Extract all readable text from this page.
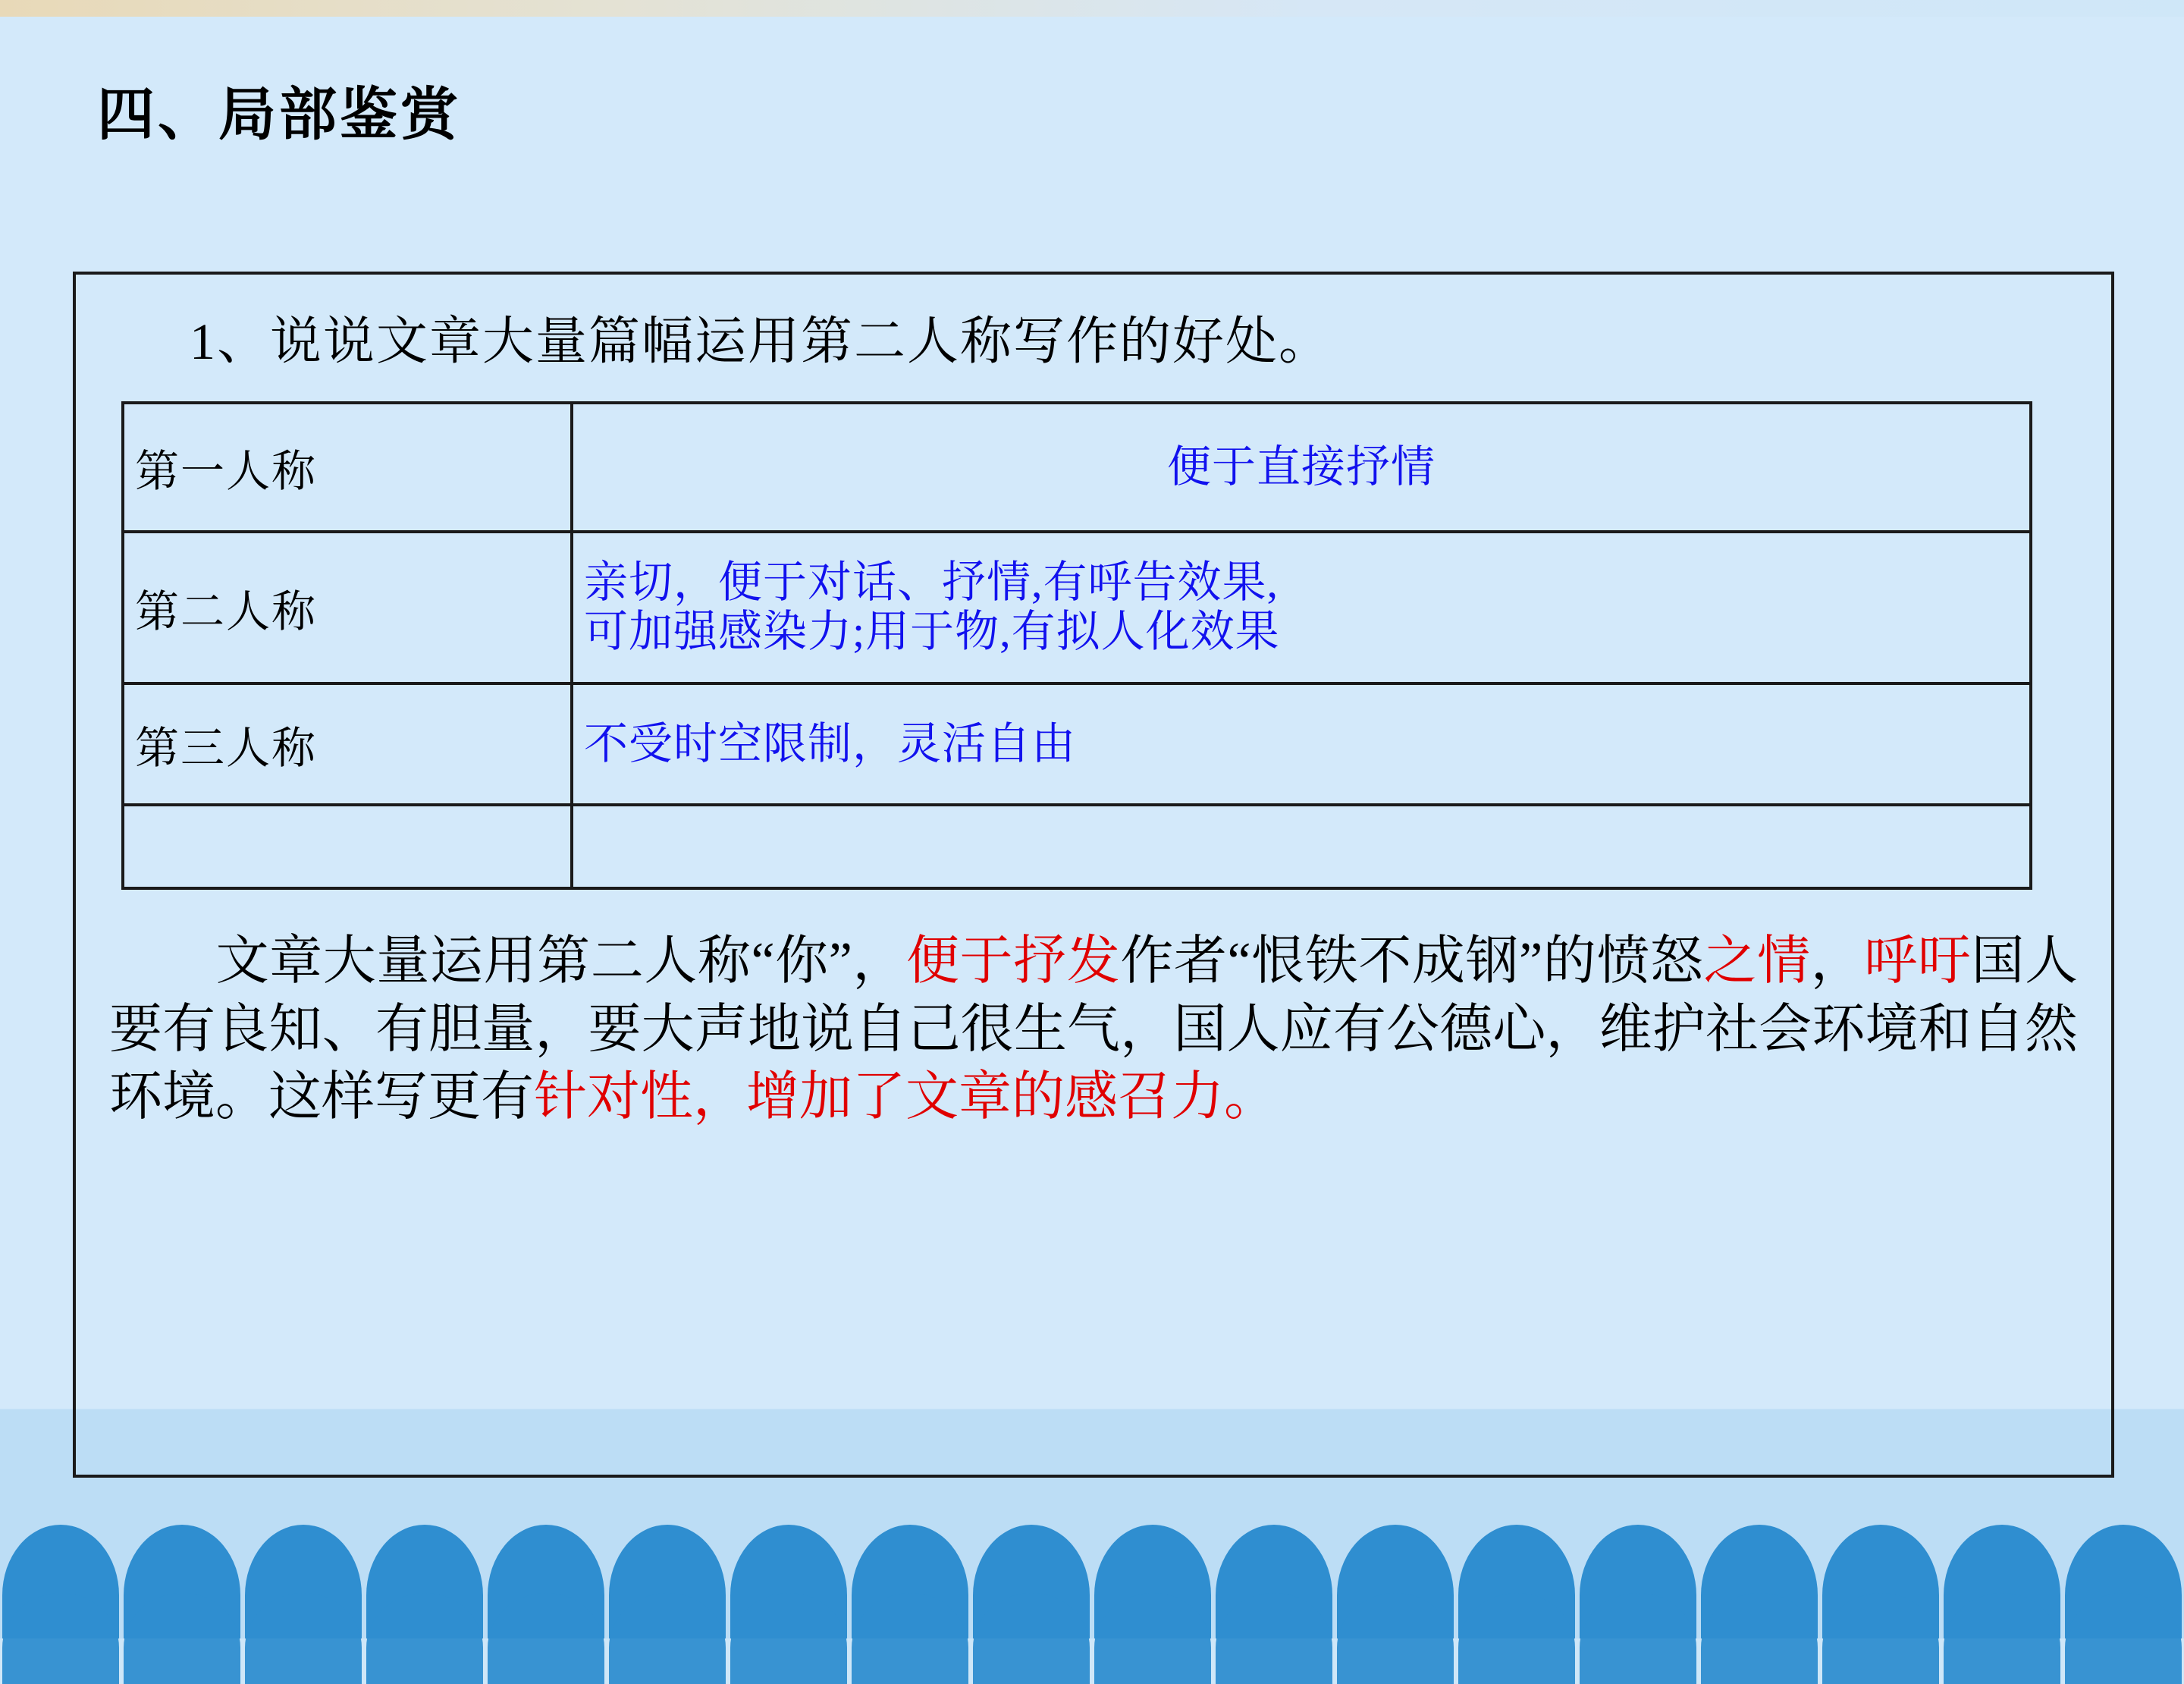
四、局部鉴赏
1、说说文章大量篇幅运用第二人称写作的好处。
第一人称	便于直接抒情

第二人称	亲切，便于对话、抒情,有呼告效果,
可加强感染力;用于物,有拟人化效果

第三人称	不受时空限制，灵活自由

文章大量运用第二人称“你”，便于抒发作者“恨铁不成钢”的愤怒之情，呼吁国人要有良知、有胆量，要大声地说自己很生气，国人应有公德心，维护社会环境和自然环境。这样写更有针对性，增加了文章的感召力。
